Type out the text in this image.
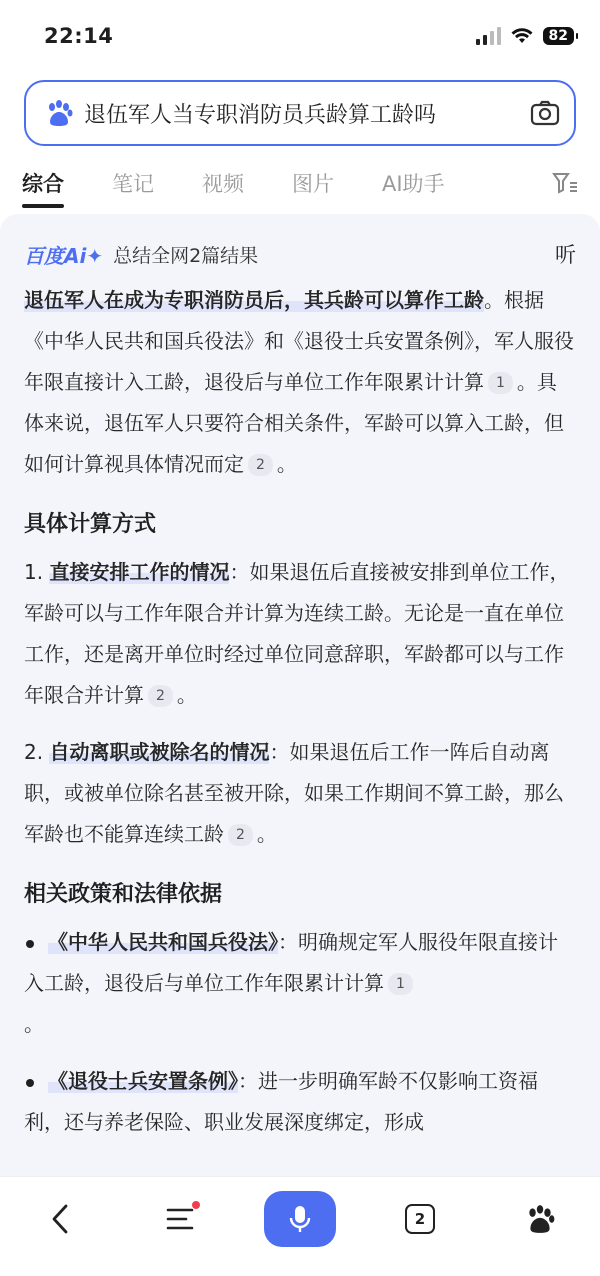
22:14	82
退伍军人当专职消防员兵龄算工龄吗
综合 笔记 视频 图片 AI助手
百度Ai✦ 总结全网2篇结果	听

退伍军人在成为专职消防员后，其兵龄可以算作工龄。根据《中华人民共和国兵役法》和《退役士兵安置条例》，军人服役年限直接计入工龄，退役后与单位工作年限累计计算 1 。具体来说，退伍军人只要符合相关条件，军龄可以算入工龄，但如何计算视具体情况而定 2 。

具体计算方式

1. 直接安排工作的情况：如果退伍后直接被安排到单位工作，军龄可以与工作年限合并计算为连续工龄。无论是一直在单位工作，还是离开单位时经过单位同意辞职，军龄都可以与工作年限合并计算 2 。

2. 自动离职或被除名的情况：如果退伍后工作一阵后自动离职，或被单位除名甚至被开除，如果工作期间不算工龄，那么军龄也不能算连续工龄 2 。

相关政策和法律依据

《中华人民共和国兵役法》：明确规定军人服役年限直接计入工龄，退役后与单位工作年限累计计算 1
。

《退役士兵安置条例》：进一步明确军龄不仅影响工资福利，还与养老保险、职业发展深度绑定，形成

2
